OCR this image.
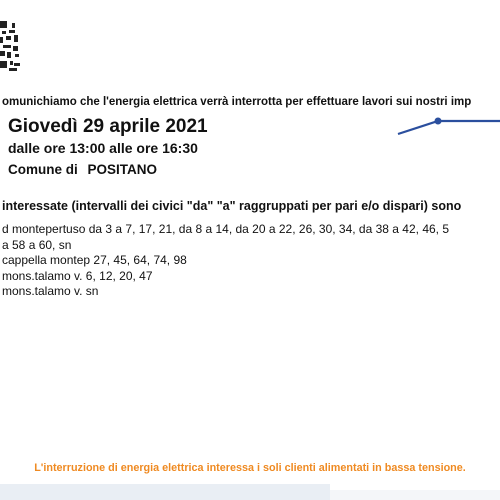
omunichiamo che l'energia elettrica verrà interrotta per effettuare lavori sui nostri imp
Giovedì 29 aprile 2021
dalle ore 13:00 alle ore 16:30
Comune di POSITANO
interessate (intervalli dei civici "da" "a" raggruppati per pari e/o dispari) sono
d montepertuso da 3 a 7, 17, 21, da 8 a 14, da 20 a 22, 26, 30, 34, da 38 a 42, 46, 5
a 58 a 60, sn
cappella montep 27, 45, 64, 74, 98
mons.talamo v. 6, 12, 20, 47
mons.talamo v. sn
L'interruzione di energia elettrica interessa i soli clienti alimentati in bassa tensione.
